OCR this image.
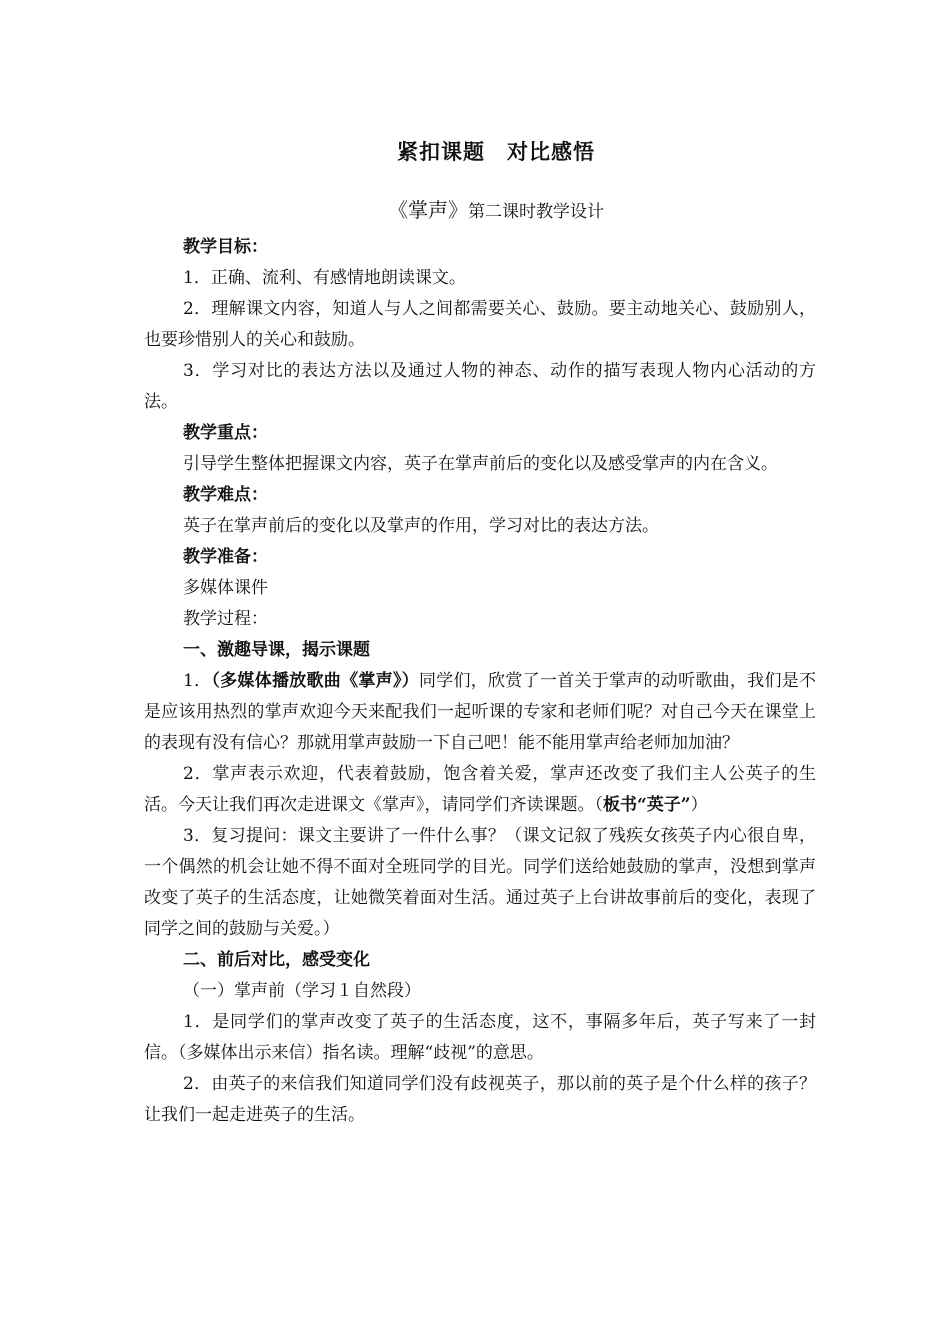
紧扣课题　对比感悟
《掌声》第二课时教学设计

教学目标：

1．正确、流利、有感情地朗读课文。

2．理解课文内容，知道人与人之间都需要关心、鼓励。要主动地关心、鼓励别人，也要珍惜别人的关心和鼓励。

3．学习对比的表达方法以及通过人物的神态、动作的描写表现人物内心活动的方法。

教学重点：

引导学生整体把握课文内容，英子在掌声前后的变化以及感受掌声的内在含义。

教学难点：

英子在掌声前后的变化以及掌声的作用，学习对比的表达方法。

教学准备：

多媒体课件

教学过程：

一、激趣导课，揭示课题

1．（多媒体播放歌曲《掌声》）同学们，欣赏了一首关于掌声的动听歌曲，我们是不是应该用热烈的掌声欢迎今天来配我们一起听课的专家和老师们呢？对自己今天在课堂上的表现有没有信心？那就用掌声鼓励一下自己吧！能不能用掌声给老师加加油？

2．掌声表示欢迎，代表着鼓励，饱含着关爱，掌声还改变了我们主人公英子的生活。今天让我们再次走进课文《掌声》，请同学们齐读课题。（板书“英子”）

3．复习提问：课文主要讲了一件什么事？（课文记叙了残疾女孩英子内心很自卑，一个偶然的机会让她不得不面对全班同学的目光。同学们送给她鼓励的掌声，没想到掌声改变了英子的生活态度，让她微笑着面对生活。通过英子上台讲故事前后的变化，表现了同学之间的鼓励与关爱。）

二、前后对比，感受变化

（一）掌声前（学习１自然段）

1．是同学们的掌声改变了英子的生活态度，这不，事隔多年后，英子写来了一封信。（多媒体出示来信）指名读。理解“歧视”的意思。

2．由英子的来信我们知道同学们没有歧视英子，那以前的英子是个什么样的孩子？让我们一起走进英子的生活。
